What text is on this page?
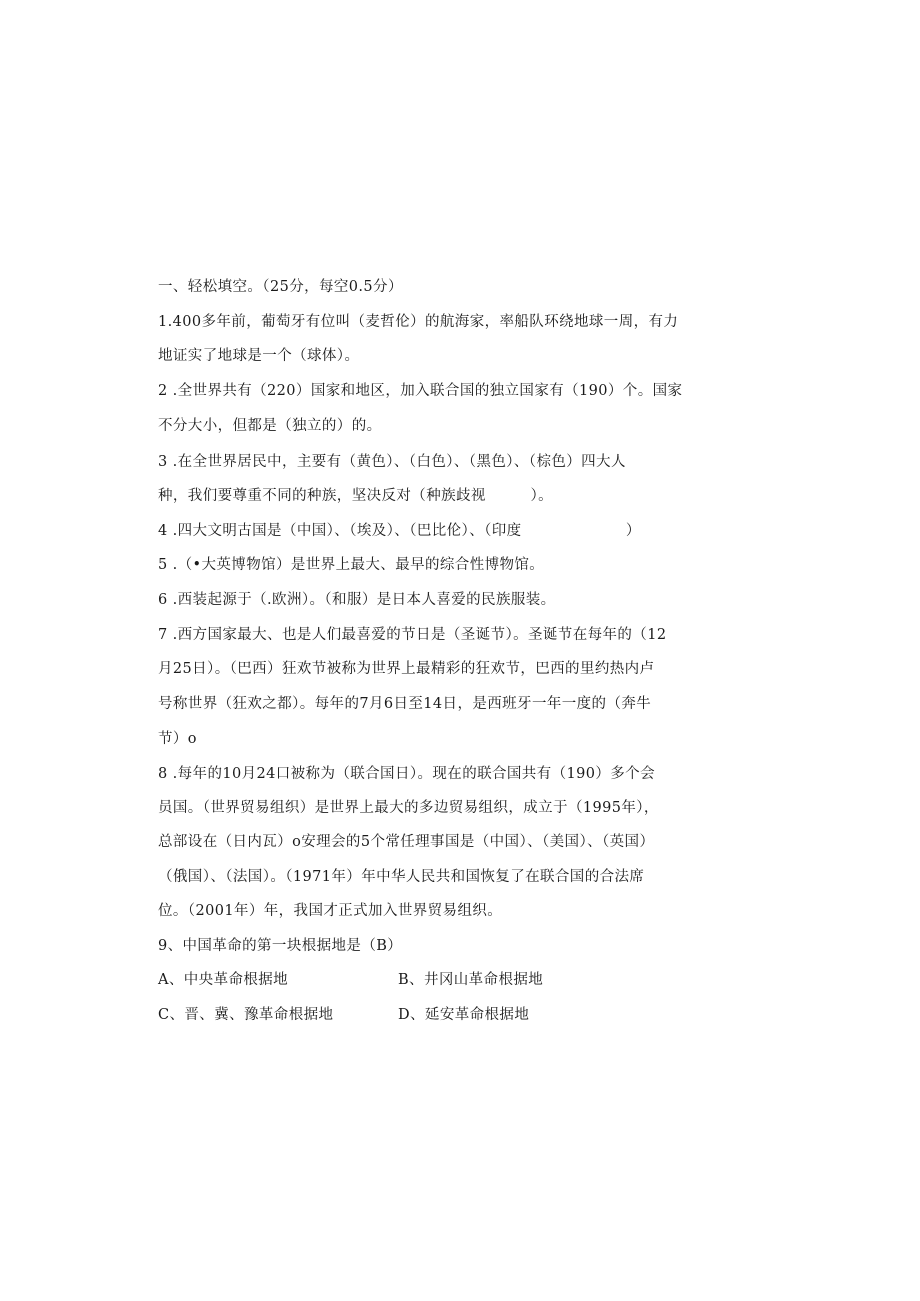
一、轻松填空。（25分，每空0.5分）
1.400多年前，葡萄牙有位叫（麦哲伦）的航海家，率船队环绕地球一周，有力
地证实了地球是一个（球体）。
2 .全世界共有（220）国家和地区，加入联合国的独立国家有（190）个。国家
不分大小，但都是（独立的）的。
3 .在全世界居民中，主要有（黄色）、（白色）、（黑色）、（棕色）四大人
种，我们要尊重不同的种族，坚决反对（种族歧视　　　）。
4 .四大文明古国是（中国）、（埃及）、（巴比伦）、（印度　　　　　　　）
5 .（•大英博物馆）是世界上最大、最早的综合性博物馆。
6 .西装起源于（.欧洲）。（和服）是日本人喜爱的民族服装。
7 .西方国家最大、也是人们最喜爱的节日是（圣诞节）。圣诞节在每年的（12
月25日）。（巴西）狂欢节被称为世界上最精彩的狂欢节，巴西的里约热内卢
号称世界（狂欢之都）。每年的7月6日至14日，是西班牙一年一度的（奔牛
节）o
8 .每年的10月24口被称为（联合国日）。现在的联合国共有（190）多个会
员国。（世界贸易组织）是世界上最大的多边贸易组织，成立于（1995年），
总部设在（日内瓦）o安理会的5个常任理事国是（中国）、（美国）、（英国）
（俄国）、（法国）。（1971年）年中华人民共和国恢复了在联合国的合法席
位。（2001年）年，我国才正式加入世界贸易组织。
9、中国革命的第一块根据地是（B）
A、中央革命根据地	B、井冈山革命根据地
C、晋、冀、豫革命根据地	D、延安革命根据地
